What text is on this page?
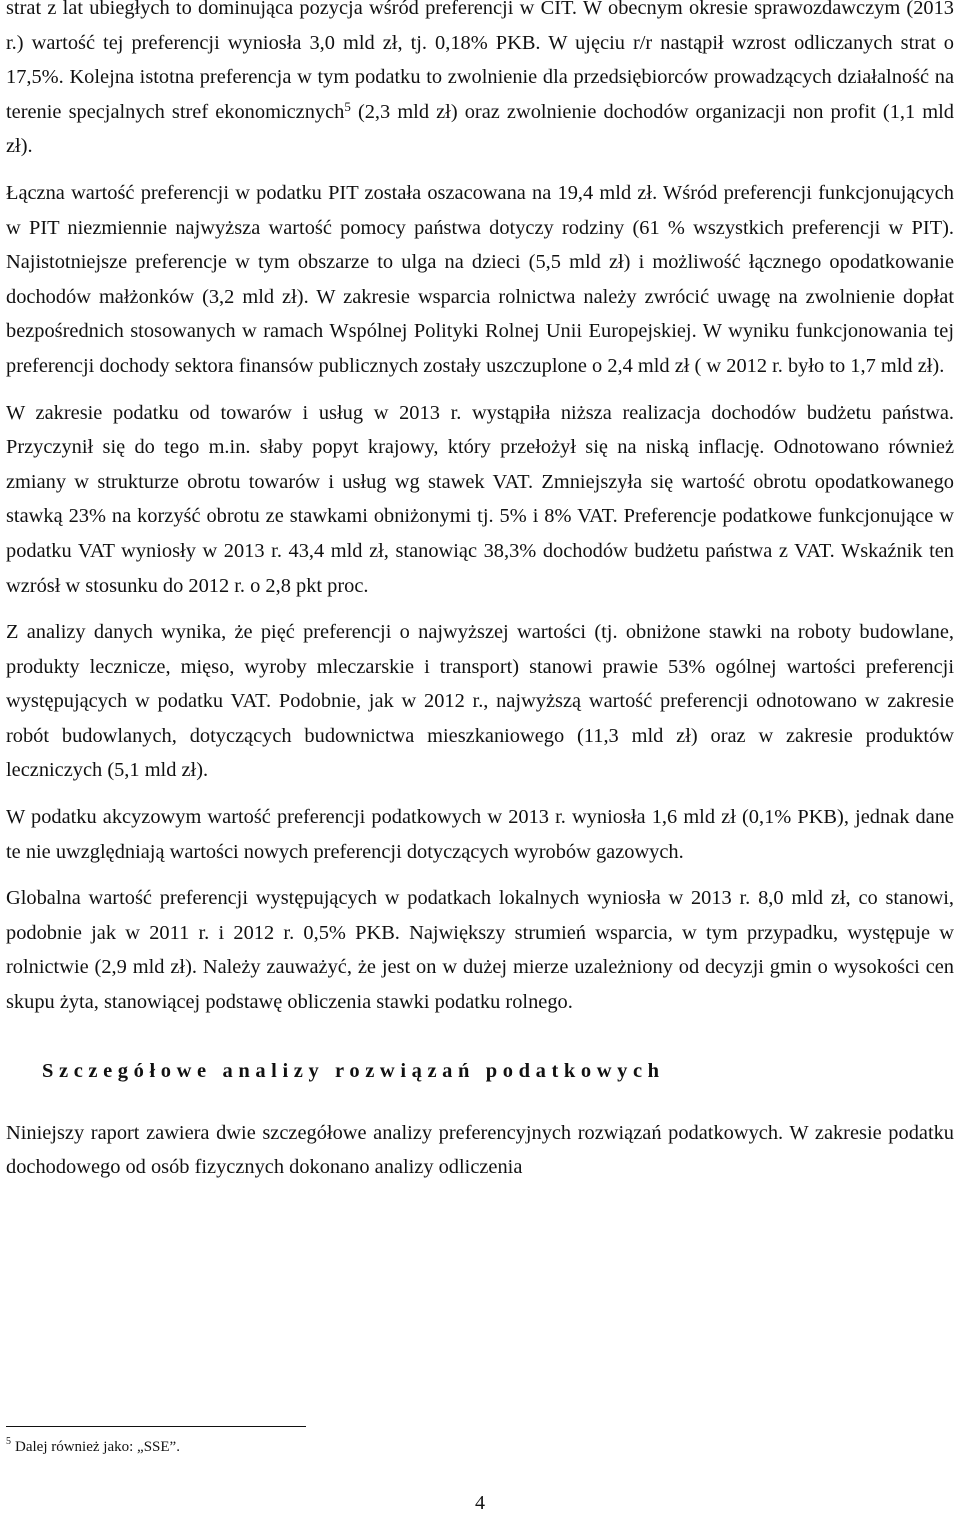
strat z lat ubiegłych to dominująca pozycja wśród preferencji w CIT. W obecnym okresie sprawozdawczym (2013 r.) wartość tej preferencji wyniosła 3,0 mld zł, tj. 0,18% PKB. W ujęciu r/r nastąpił wzrost odliczanych strat o 17,5%. Kolejna istotna preferencja w tym podatku to zwolnienie dla przedsiębiorców prowadzących działalność na terenie specjalnych stref ekonomicznych$^5$ (2,3 mld zł) oraz zwolnienie dochodów organizacji non profit (1,1 mld zł).

Łączna wartość preferencji w podatku PIT została oszacowana na 19,4 mld zł. Wśród preferencji funkcjonujących w PIT niezmiennie najwyższa wartość pomocy państwa dotyczy rodziny (61 % wszystkich preferencji w PIT). Najistotniejsze preferencje w tym obszarze to ulga na dzieci (5,5 mld zł) i możliwość łącznego opodatkowanie dochodów małżonków (3,2 mld zł). W zakresie wsparcia rolnictwa należy zwrócić uwagę na zwolnienie dopłat bezpośrednich stosowanych w ramach Wspólnej Polityki Rolnej Unii Europejskiej. W wyniku funkcjonowania tej preferencji dochody sektora finansów publicznych zostały uszczuplone o 2,4 mld zł ( w 2012 r. było to 1,7 mld zł).

W zakresie podatku od towarów i usług w 2013 r. wystąpiła niższa realizacja dochodów budżetu państwa. Przyczynił się do tego m.in. słaby popyt krajowy, który przełożył się na niską inflację. Odnotowano również zmiany w strukturze obrotu towarów i usług wg stawek VAT. Zmniejszyła się wartość obrotu opodatkowanego stawką 23% na korzyść obrotu ze stawkami obniżonymi tj. 5% i 8% VAT. Preferencje podatkowe funkcjonujące w podatku VAT wyniosły w 2013 r. 43,4 mld zł, stanowiąc 38,3% dochodów budżetu państwa z VAT. Wskaźnik ten wzrósł w stosunku do 2012 r. o 2,8 pkt proc.

Z analizy danych wynika, że pięć preferencji o najwyższej wartości (tj. obniżone stawki na roboty budowlane, produkty lecznicze, mięso, wyroby mleczarskie i transport) stanowi prawie 53% ogólnej wartości preferencji występujących w podatku VAT. Podobnie, jak w 2012 r., najwyższą wartość preferencji odnotowano w zakresie robót budowlanych, dotyczących budownictwa mieszkaniowego (11,3 mld zł) oraz w zakresie produktów leczniczych (5,1 mld zł).

W podatku akcyzowym wartość preferencji podatkowych w 2013 r. wyniosła 1,6 mld zł (0,1% PKB), jednak dane te nie uwzględniają wartości nowych preferencji dotyczących wyrobów gazowych.

Globalna wartość preferencji występujących w podatkach lokalnych wyniosła w 2013 r. 8,0 mld zł, co stanowi, podobnie jak w 2011 r. i 2012 r. 0,5% PKB. Największy strumień wsparcia, w tym przypadku, występuje w rolnictwie (2,9 mld zł). Należy zauważyć, że jest on w dużej mierze uzależniony od decyzji gmin o wysokości cen skupu żyta, stanowiącej podstawę obliczenia stawki podatku rolnego.

Szczegółowe analizy rozwiązań podatkowych

Niniejszy raport zawiera dwie szczegółowe analizy preferencyjnych rozwiązań podatkowych. W zakresie podatku dochodowego od osób fizycznych dokonano analizy odliczenia

$^5$ Dalej również jako: „SSE”.
4
